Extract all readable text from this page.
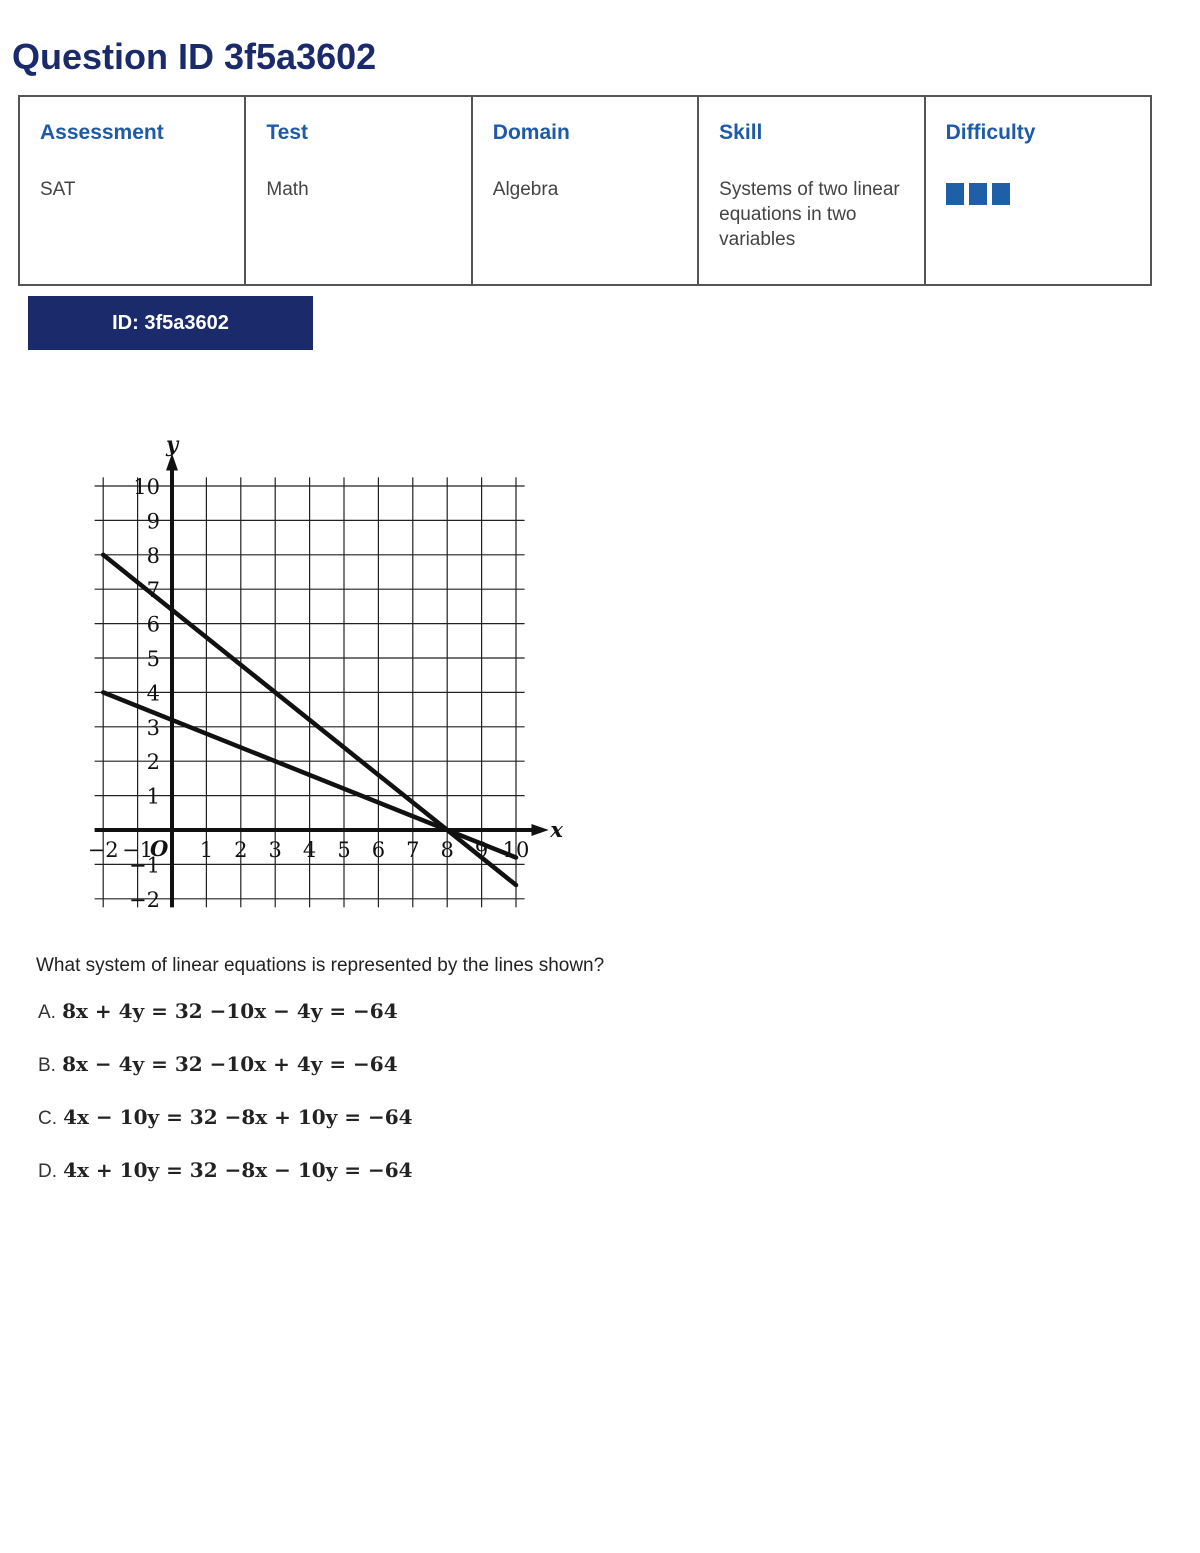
Question ID 3f5a3602
Assessment
SAT

Test
Math

Domain
Algebra

Skill
Systems of two linear equations in two variables

Difficulty
ID: 3f5a3602
−2 −1 1 2 3 4 5 6 7 8 9 10
10
9
8
7
6
5
4
3
2
1
−1
−2
O
x
y

What system of linear equations is represented by the lines shown?

A. 8x + 4y = 32 −10x − 4y = −64
B. 8x − 4y = 32 −10x + 4y = −64
C. 4x − 10y = 32 −8x + 10y = −64
D. 4x + 10y = 32 −8x − 10y = −64
